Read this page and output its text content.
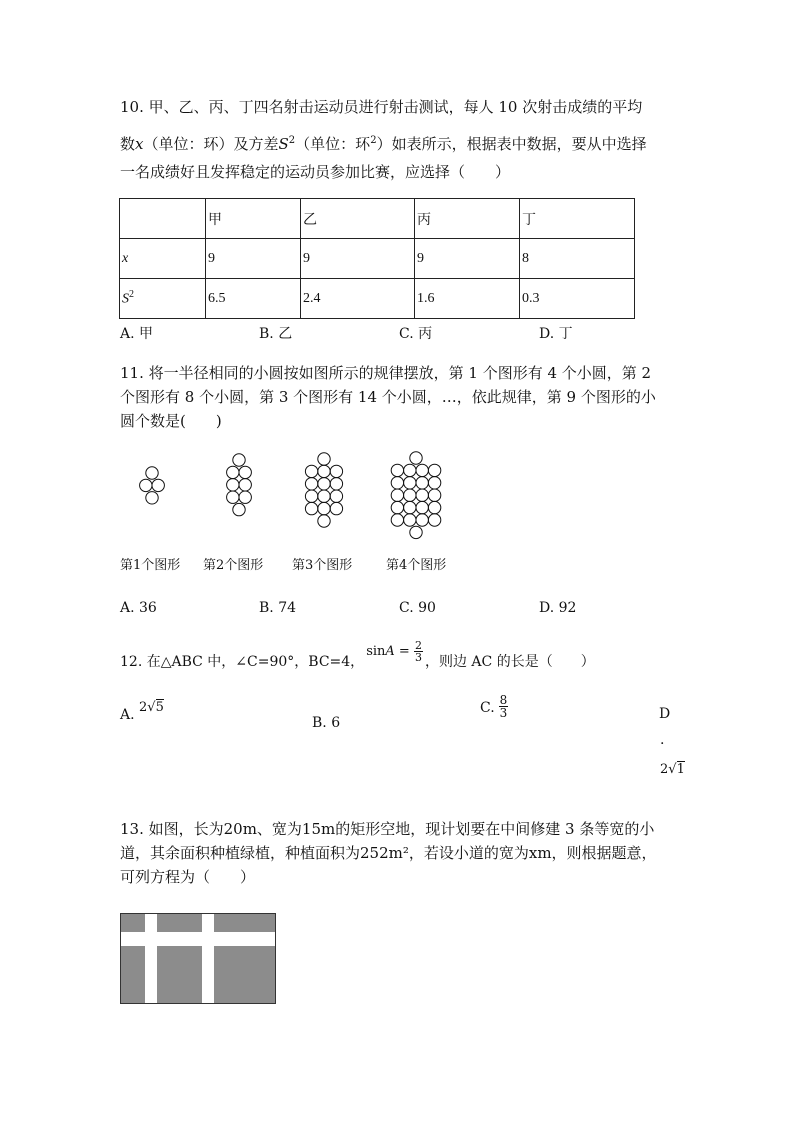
10. 甲、乙、丙、丁四名射击运动员进行射击测试，每人 10 次射击成绩的平均
数x（单位：环）及方差$S^2$（单位：环$^2$）如表所示，根据表中数据，要从中选择
一名成绩好且发挥稳定的运动员参加比赛，应选择（　　）
	甲	乙	丙	丁
x	9	9	9	8
$S^2$	6.5	2.4	1.6	0.3
A. 甲	B. 乙	C. 丙	D. 丁
11. 将一半径相同的小圆按如图所示的规律摆放，第 1 个图形有 4 个小圆，第 2
个图形有 8 个小圆，第 3 个图形有 14 个小圆，…，依此规律，第 9 个图形的小
圆个数是(　　)
第1个图形 第2个图形 第3个图形	第4个图形
A. 36	B. 74	C. 90	D. 92
12. 在△ABC 中，∠C=90°，BC=4，
$\sin A = \frac{2}{3}$ ，则边 AC 的长是（　　）
A. 2√5
B. 6
C. $\frac{8}{3}$	D
.
2√1
13. 如图，长为20m、宽为15m的矩形空地，现计划要在中间修建 3 条等宽的小
道，其余面积种植绿植，种植面积为252m²，若设小道的宽为xm，则根据题意，
可列方程为（　　）
